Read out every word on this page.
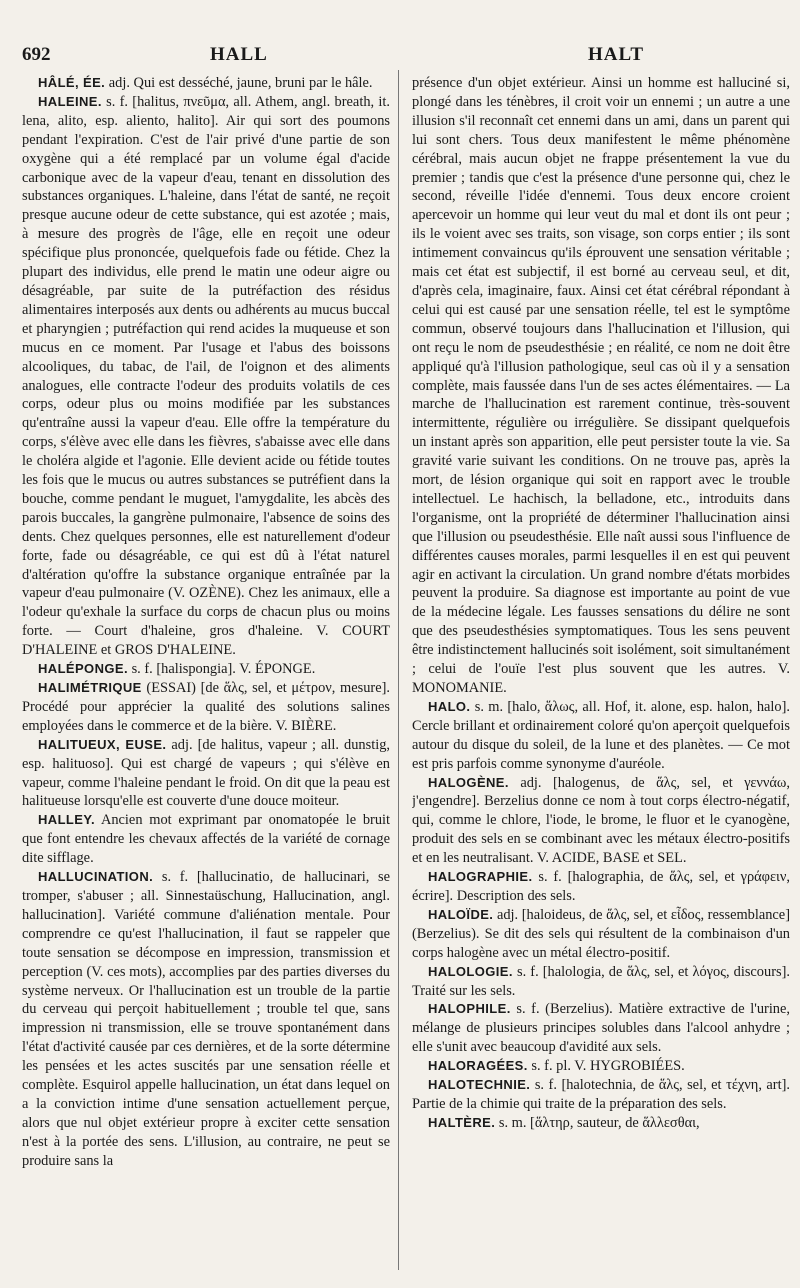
692	HALL	HALT

HÂLÉ, ÉE. adj. Qui est desséché, jaune, bruni par le hâle.

HALEINE. s. f. [halitus, πνεῦμα, all. Athem, angl. breath, it. lena, alito, esp. aliento, halito]. Air qui sort des poumons pendant l'expiration. C'est de l'air privé d'une partie de son oxygène qui a été remplacé par un volume égal d'acide carbonique avec de la vapeur d'eau, tenant en dissolution des substances organiques. L'haleine, dans l'état de santé, ne reçoit presque aucune odeur de cette substance, qui est azotée ; mais, à mesure des progrès de l'âge, elle en reçoit une odeur spécifique plus prononcée, quelquefois fade ou fétide. Chez la plupart des individus, elle prend le matin une odeur aigre ou désagréable, par suite de la putréfaction des résidus alimentaires interposés aux dents ou adhérents au mucus buccal et pharyngien ; putréfaction qui rend acides la muqueuse et son mucus en ce moment. Par l'usage et l'abus des boissons alcooliques, du tabac, de l'ail, de l'oignon et des aliments analogues, elle contracte l'odeur des produits volatils de ces corps, odeur plus ou moins modifiée par les substances qu'entraîne aussi la vapeur d'eau. Elle offre la température du corps, s'élève avec elle dans les fièvres, s'abaisse avec elle dans le choléra algide et l'agonie. Elle devient acide ou fétide toutes les fois que le mucus ou autres substances se putréfient dans la bouche, comme pendant le muguet, l'amygdalite, les abcès des parois buccales, la gangrène pulmonaire, l'absence de soins des dents. Chez quelques personnes, elle est naturellement d'odeur forte, fade ou désagréable, ce qui est dû à l'état naturel d'altération qu'offre la substance organique entraînée par la vapeur d'eau pulmonaire (V. OZÈNE). Chez les animaux, elle a l'odeur qu'exhale la surface du corps de chacun plus ou moins forte. — Court d'haleine, gros d'haleine. V. COURT D'HALEINE et GROS D'HALEINE.

HALÉPONGE. s. f. [halispongia]. V. ÉPONGE.

HALIMÉTRIQUE (ESSAI) [de ἅλς, sel, et μέτρον, mesure]. Procédé pour apprécier la qualité des solutions salines employées dans le commerce et de la bière. V. BIÈRE.

HALITUEUX, EUSE. adj. [de halitus, vapeur ; all. dunstig, esp. halituoso]. Qui est chargé de vapeurs ; qui s'élève en vapeur, comme l'haleine pendant le froid. On dit que la peau est halitueuse lorsqu'elle est couverte d'une douce moiteur.

HALLEY. Ancien mot exprimant par onomatopée le bruit que font entendre les chevaux affectés de la variété de cornage dite sifflage.

HALLUCINATION. s. f. [hallucinatio, de hallucinari, se tromper, s'abuser ; all. Sinnestaüschung, Hallucination, angl. hallucination]. Variété commune d'aliénation mentale. Pour comprendre ce qu'est l'hallucination, il faut se rappeler que toute sensation se décompose en impression, transmission et perception (V. ces mots), accomplies par des parties diverses du système nerveux. Or l'hallucination est un trouble de la partie du cerveau qui perçoit habituellement ; trouble tel que, sans impression ni transmission, elle se trouve spontanément dans l'état d'activité causée par ces dernières, et de la sorte détermine les pensées et les actes suscités par une sensation réelle et complète. Esquirol appelle hallucination, un état dans lequel on a la conviction intime d'une sensation actuellement perçue, alors que nul objet extérieur propre à exciter cette sensation n'est à la portée des sens. L'illusion, au contraire, ne peut se produire sans la

présence d'un objet extérieur. Ainsi un homme est halluciné si, plongé dans les ténèbres, il croit voir un ennemi ; un autre a une illusion s'il reconnaît cet ennemi dans un ami, dans un parent qui lui sont chers. Tous deux manifestent le même phénomène cérébral, mais aucun objet ne frappe présentement la vue du premier ; tandis que c'est la présence d'une personne qui, chez le second, réveille l'idée d'ennemi. Tous deux encore croient apercevoir un homme qui leur veut du mal et dont ils ont peur ; ils le voient avec ses traits, son visage, son corps entier ; ils sont intimement convaincus qu'ils éprouvent une sensation véritable ; mais cet état est subjectif, il est borné au cerveau seul, et dit, d'après cela, imaginaire, faux. Ainsi cet état cérébral répondant à celui qui est causé par une sensation réelle, tel est le symptôme commun, observé toujours dans l'hallucination et l'illusion, qui ont reçu le nom de pseudesthésie ; en réalité, ce nom ne doit être appliqué qu'à l'illusion pathologique, seul cas où il y a sensation complète, mais faussée dans l'un de ses actes élémentaires. — La marche de l'hallucination est rarement continue, très-souvent intermittente, régulière ou irrégulière. Se dissipant quelquefois un instant après son apparition, elle peut persister toute la vie. Sa gravité varie suivant les conditions. On ne trouve pas, après la mort, de lésion organique qui soit en rapport avec le trouble intellectuel. Le hachisch, la belladone, etc., introduits dans l'organisme, ont la propriété de déterminer l'hallucination ainsi que l'illusion ou pseudesthésie. Elle naît aussi sous l'influence de différentes causes morales, parmi lesquelles il en est qui peuvent agir en activant la circulation. Un grand nombre d'états morbides peuvent la produire. Sa diagnose est importante au point de vue de la médecine légale. Les fausses sensations du délire ne sont que des pseudesthésies symptomatiques. Tous les sens peuvent être indistinctement hallucinés soit isolément, soit simultanément ; celui de l'ouïe l'est plus souvent que les autres. V. MONOMANIE.

HALO. s. m. [halo, ἅλως, all. Hof, it. alone, esp. halon, halo]. Cercle brillant et ordinairement coloré qu'on aperçoit quelquefois autour du disque du soleil, de la lune et des planètes. — Ce mot est pris parfois comme synonyme d'auréole.

HALOGÈNE. adj. [halogenus, de ἅλς, sel, et γεννάω, j'engendre]. Berzelius donne ce nom à tout corps électro-négatif, qui, comme le chlore, l'iode, le brome, le fluor et le cyanogène, produit des sels en se combinant avec les métaux électro-positifs et en les neutralisant. V. ACIDE, BASE et SEL.

HALOGRAPHIE. s. f. [halographia, de ἅλς, sel, et γράφειν, écrire]. Description des sels.

HALOÏDE. adj. [haloideus, de ἅλς, sel, et εἶδος, ressemblance] (Berzelius). Se dit des sels qui résultent de la combinaison d'un corps halogène avec un métal électro-positif.

HALOLOGIE. s. f. [halologia, de ἅλς, sel, et λόγος, discours]. Traité sur les sels.

HALOPHILE. s. f. (Berzelius). Matière extractive de l'urine, mélange de plusieurs principes solubles dans l'alcool anhydre ; elle s'unit avec beaucoup d'avidité aux sels.

HALORAGÉES. s. f. pl. V. HYGROBIÉES.

HALOTECHNIE. s. f. [halotechnia, de ἅλς, sel, et τέχνη, art]. Partie de la chimie qui traite de la préparation des sels.

HALTÈRE. s. m. [ἅλτηρ, sauteur, de ἅλλεσθαι,
